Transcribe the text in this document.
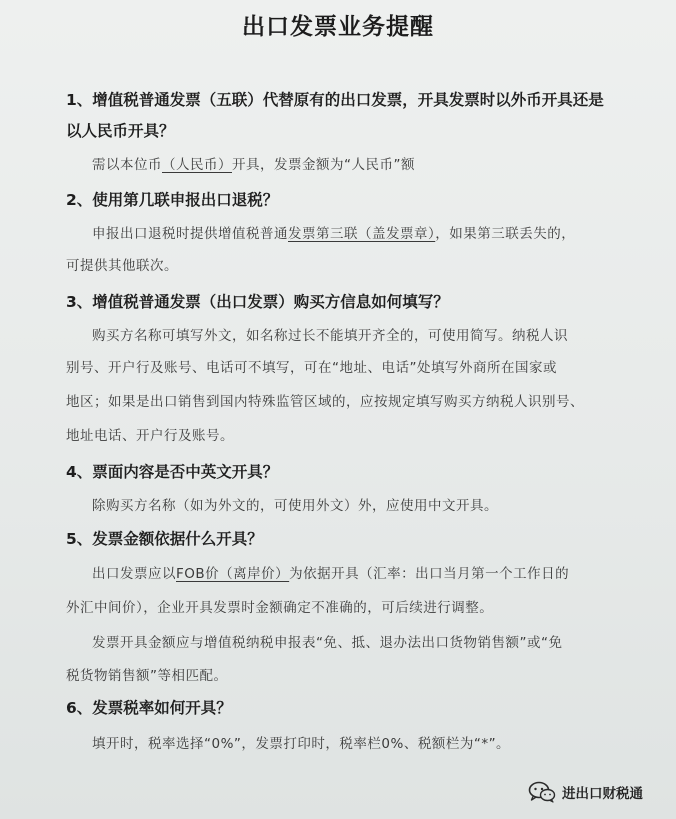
出口发票业务提醒
1、增值税普通发票（五联）代替原有的出口发票，开具发票时以外币开具还是
以人民币开具？
需以本位币（人民币）开具，发票金额为“人民币”额
2、使用第几联申报出口退税？
申报出口退税时提供增值税普通发票第三联（盖发票章），如果第三联丢失的，
可提供其他联次。
3、增值税普通发票（出口发票）购买方信息如何填写？
购买方名称可填写外文，如名称过长不能填开齐全的，可使用简写。纳税人识
别号、开户行及账号、电话可不填写，可在“地址、电话”处填写外商所在国家或
地区；如果是出口销售到国内特殊监管区域的，应按规定填写购买方纳税人识别号、
地址电话、开户行及账号。
4、票面内容是否中英文开具？
除购买方名称（如为外文的，可使用外文）外，应使用中文开具。
5、发票金额依据什么开具？
出口发票应以FOB价（离岸价）为依据开具（汇率：出口当月第一个工作日的
外汇中间价），企业开具发票时金额确定不准确的，可后续进行调整。
发票开具金额应与增值税纳税申报表“免、抵、退办法出口货物销售额”或“免
税货物销售额”等相匹配。
6、发票税率如何开具？
填开时，税率选择“0%”，发票打印时，税率栏0%、税额栏为“*”。
进出口财税通
